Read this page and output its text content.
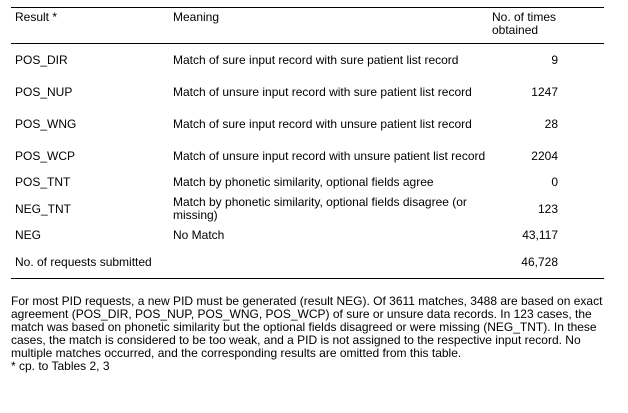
Result *	Meaning	No. of times obtained
POS_DIR	Match of sure input record with sure patient list record	9
POS_NUP	Match of unsure input record with sure patient list record	1247
POS_WNG	Match of sure input record with unsure patient list record	28
POS_WCP	Match of unsure input record with unsure patient list record	2204
POS_TNT	Match by phonetic similarity, optional fields agree	0
NEG_TNT	Match by phonetic similarity, optional fields disagree (or missing)	123
NEG	No Match	43,117
No. of requests submitted		46,728

For most PID requests, a new PID must be generated (result NEG). Of 3611 matches, 3488 are based on exact agreement (POS_DIR, POS_NUP, POS_WNG, POS_WCP) of sure or unsure data records. In 123 cases, the match was based on phonetic similarity but the optional fields disagreed or were missing (NEG_TNT). In these cases, the match is considered to be too weak, and a PID is not assigned to the respective input record. No multiple matches occurred, and the corresponding results are omitted from this table.

* cp. to Tables 2, 3
